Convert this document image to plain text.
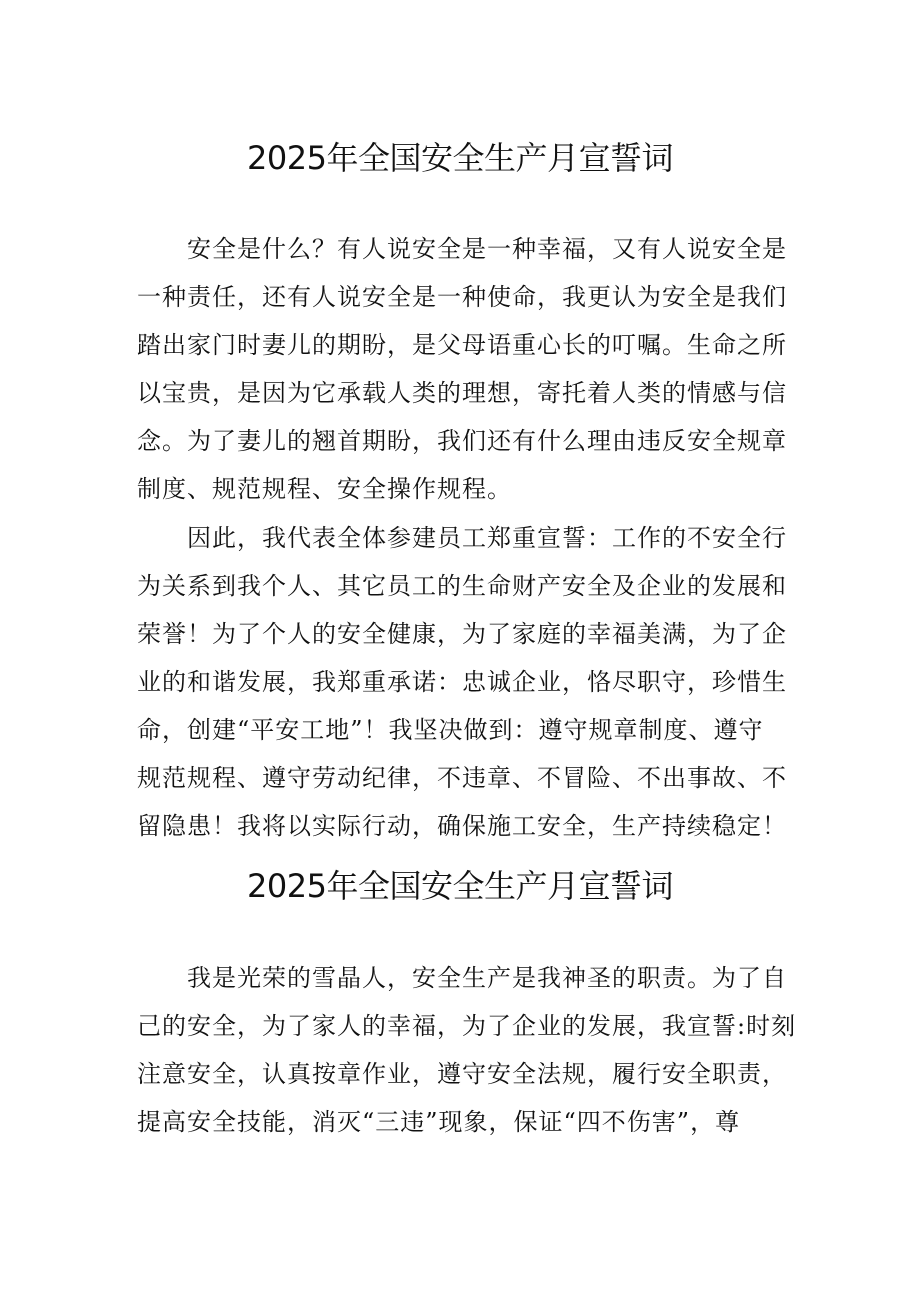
2025年全国安全生产月宣誓词

安全是什么？有人说安全是一种幸福，又有人说安全是
一种责任，还有人说安全是一种使命，我更认为安全是我们
踏出家门时妻儿的期盼，是父母语重心长的叮嘱。生命之所
以宝贵，是因为它承载人类的理想，寄托着人类的情感与信
念。为了妻儿的翘首期盼，我们还有什么理由违反安全规章
制度、规范规程、安全操作规程。

因此，我代表全体参建员工郑重宣誓：工作的不安全行
为关系到我个人、其它员工的生命财产安全及企业的发展和
荣誉！为了个人的安全健康，为了家庭的幸福美满，为了企
业的和谐发展，我郑重承诺：忠诚企业，恪尽职守，珍惜生
命，创建“平安工地”！我坚决做到：遵守规章制度、遵守
规范规程、遵守劳动纪律，不违章、不冒险、不出事故、不
留隐患！我将以实际行动，确保施工安全，生产持续稳定！

2025年全国安全生产月宣誓词

我是光荣的雪晶人，安全生产是我神圣的职责。为了自
己的安全，为了家人的幸福，为了企业的发展，我宣誓:时刻
注意安全，认真按章作业，遵守安全法规，履行安全职责，
提高安全技能，消灭“三违”现象，保证“四不伤害”，尊
